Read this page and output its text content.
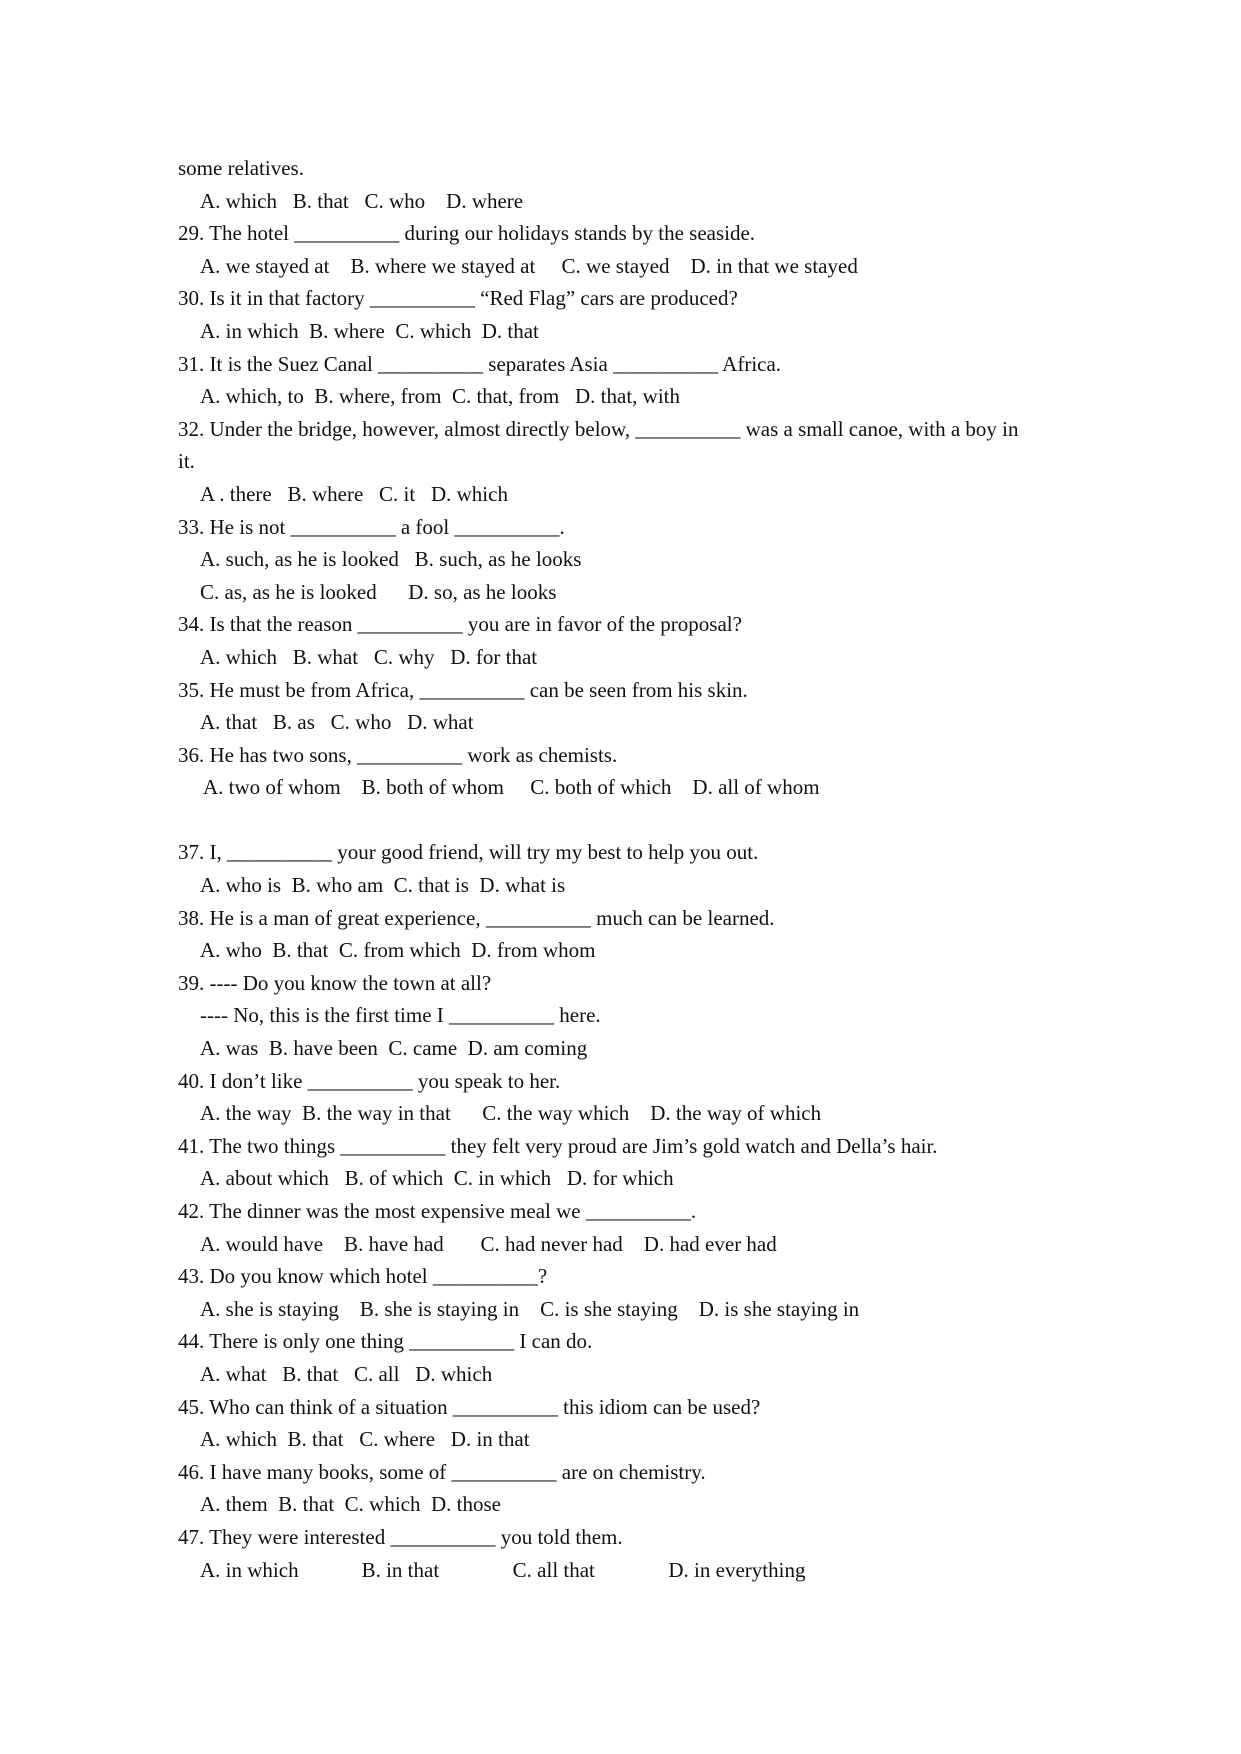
some relatives.
A. which   B. that   C. who    D. where
29. The hotel __________ during our holidays stands by the seaside.
A. we stayed at    B. where we stayed at     C. we stayed    D. in that we stayed
30. Is it in that factory __________ “Red Flag” cars are produced?
A. in which  B. where  C. which  D. that
31. It is the Suez Canal __________ separates Asia __________ Africa.
A. which, to  B. where, from  C. that, from   D. that, with
32. Under the bridge, however, almost directly below, __________ was a small canoe, with a boy in
it.
A . there   B. where   C. it   D. which
33. He is not __________ a fool __________.
A. such, as he is looked   B. such, as he looks
C. as, as he is looked      D. so, as he looks
34. Is that the reason __________ you are in favor of the proposal?
A. which   B. what   C. why   D. for that
35. He must be from Africa, __________ can be seen from his skin.
A. that   B. as   C. who   D. what
36. He has two sons, __________ work as chemists.
A. two of whom    B. both of whom     C. both of which    D. all of whom
37. I, __________ your good friend, will try my best to help you out.
A. who is  B. who am  C. that is  D. what is
38. He is a man of great experience, __________ much can be learned.
A. who  B. that  C. from which  D. from whom
39. ---- Do you know the town at all?
---- No, this is the first time I __________ here.
A. was  B. have been  C. came  D. am coming
40. I don’t like __________ you speak to her.
A. the way  B. the way in that      C. the way which    D. the way of which
41. The two things __________ they felt very proud are Jim’s gold watch and Della’s hair.
A. about which   B. of which  C. in which   D. for which
42. The dinner was the most expensive meal we __________.
A. would have    B. have had       C. had never had    D. had ever had
43. Do you know which hotel __________?
A. she is staying    B. she is staying in    C. is she staying    D. is she staying in
44. There is only one thing __________ I can do.
A. what   B. that   C. all   D. which
45. Who can think of a situation __________ this idiom can be used?
A. which  B. that   C. where   D. in that
46. I have many books, some of __________ are on chemistry.
A. them  B. that  C. which  D. those
47. They were interested __________ you told them.
A. in which            B. in that              C. all that              D. in everything
